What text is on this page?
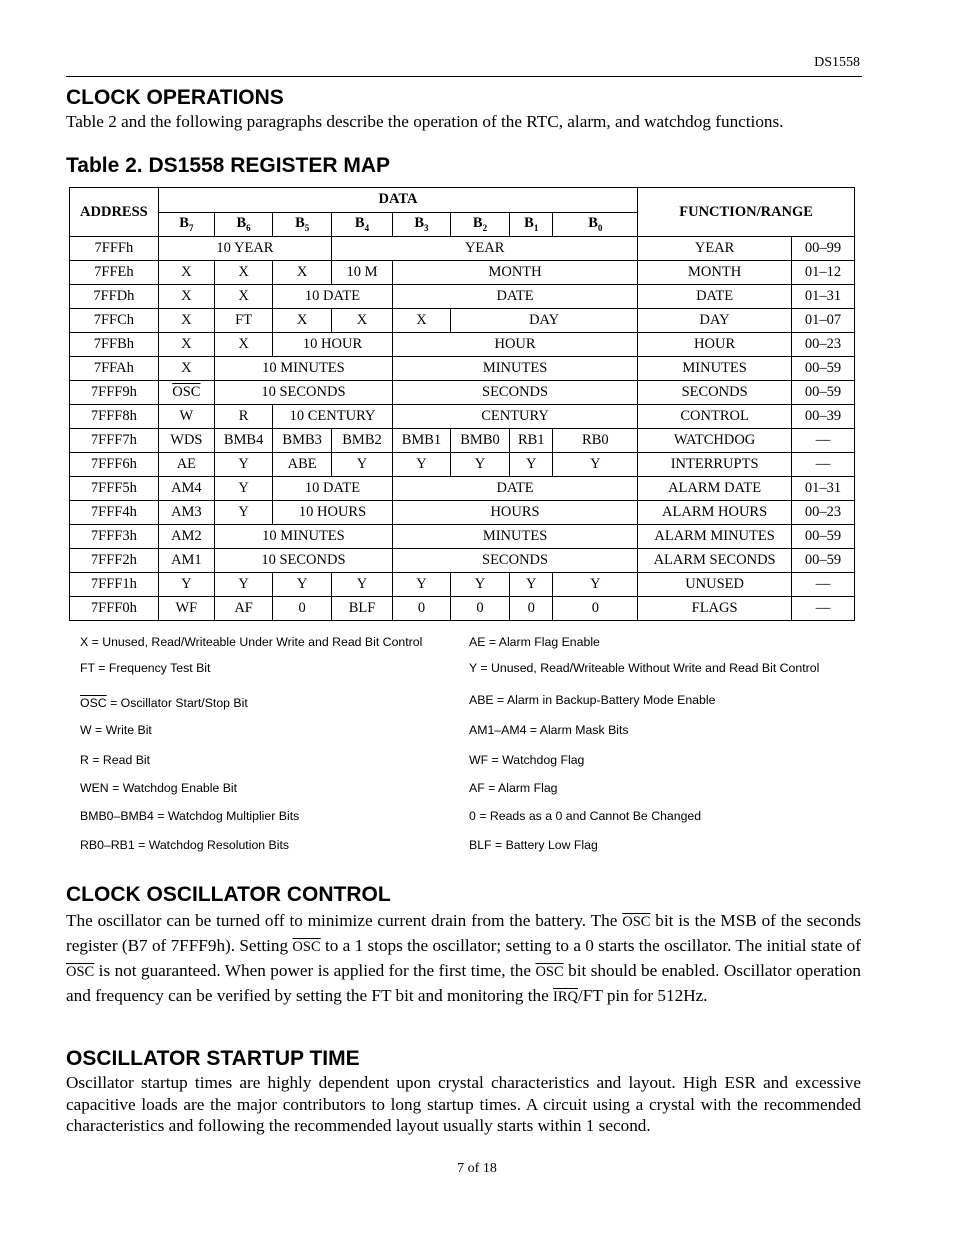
DS1558
CLOCK OPERATIONS

Table 2 and the following paragraphs describe the operation of the RTC, alarm, and watchdog functions.

Table 2. DS1558 REGISTER MAP
ADDRESS	DATA								FUNCTION/RANGE	
	$B_7$	$B_6$	$B_5$	$B_4$	$B_3$	$B_2$	$B_1$	$B_0$
7FFFh	10 YEAR			YEAR					YEAR	00–99
7FFEh	X	X	X	10 M	MONTH				MONTH	01–12
7FFDh	X	X	10 DATE		DATE				DATE	01–31
7FFCh	X	FT	X	X	X	DAY			DAY	01–07
7FFBh	X	X	10 HOUR		HOUR				HOUR	00–23
7FFAh	X	10 MINUTES			MINUTES				MINUTES	00–59
7FFF9h	$\overline{OSC}$	10 SECONDS			SECONDS				SECONDS	00–59
7FFF8h	W	R	10 CENTURY		CENTURY				CONTROL	00–39
7FFF7h	WDS	BMB4	BMB3	BMB2	BMB1	BMB0	RB1	RB0	WATCHDOG	—
7FFF6h	AE	Y	ABE	Y	Y	Y	Y	Y	INTERRUPTS	—
7FFF5h	AM4	Y	10 DATE		DATE				ALARM DATE	01–31
7FFF4h	AM3	Y	10 HOURS		HOURS				ALARM HOURS	00–23
7FFF3h	AM2	10 MINUTES			MINUTES				ALARM MINUTES	00–59
7FFF2h	AM1	10 SECONDS			SECONDS				ALARM SECONDS	00–59
7FFF1h	Y	Y	Y	Y	Y	Y	Y	Y	UNUSED	—
7FFF0h	WF	AF	0	BLF	0	0	0	0	FLAGS	—

X = Unused, Read/Writeable Under Write and Read Bit Control

FT = Frequency Test Bit

$\overline{OSC}$ = Oscillator Start/Stop Bit

W = Write Bit

R = Read Bit

WEN = Watchdog Enable Bit

BMB0–BMB4 = Watchdog Multiplier Bits

RB0–RB1 = Watchdog Resolution Bits

AE = Alarm Flag Enable

Y = Unused, Read/Writeable Without Write and Read Bit Control

ABE = Alarm in Backup-Battery Mode Enable

AM1–AM4 = Alarm Mask Bits

WF = Watchdog Flag

AF = Alarm Flag

0 = Reads as a 0 and Cannot Be Changed

BLF = Battery Low Flag

CLOCK OSCILLATOR CONTROL

The oscillator can be turned off to minimize current drain from the battery. The $\overline{OSC}$ bit is the MSB of the seconds register (B7 of 7FFF9h). Setting $\overline{OSC}$ to a 1 stops the oscillator; setting to a 0 starts the oscillator. The initial state of $\overline{OSC}$ is not guaranteed. When power is applied for the first time, the $\overline{OSC}$ bit should be enabled. Oscillator operation and frequency can be verified by setting the FT bit and monitoring the $\overline{IRQ}/FT$ pin for 512Hz.

OSCILLATOR STARTUP TIME

Oscillator startup times are highly dependent upon crystal characteristics and layout. High ESR and excessive capacitive loads are the major contributors to long startup times. A circuit using a crystal with the recommended characteristics and following the recommended layout usually starts within 1 second.

7 of 18
